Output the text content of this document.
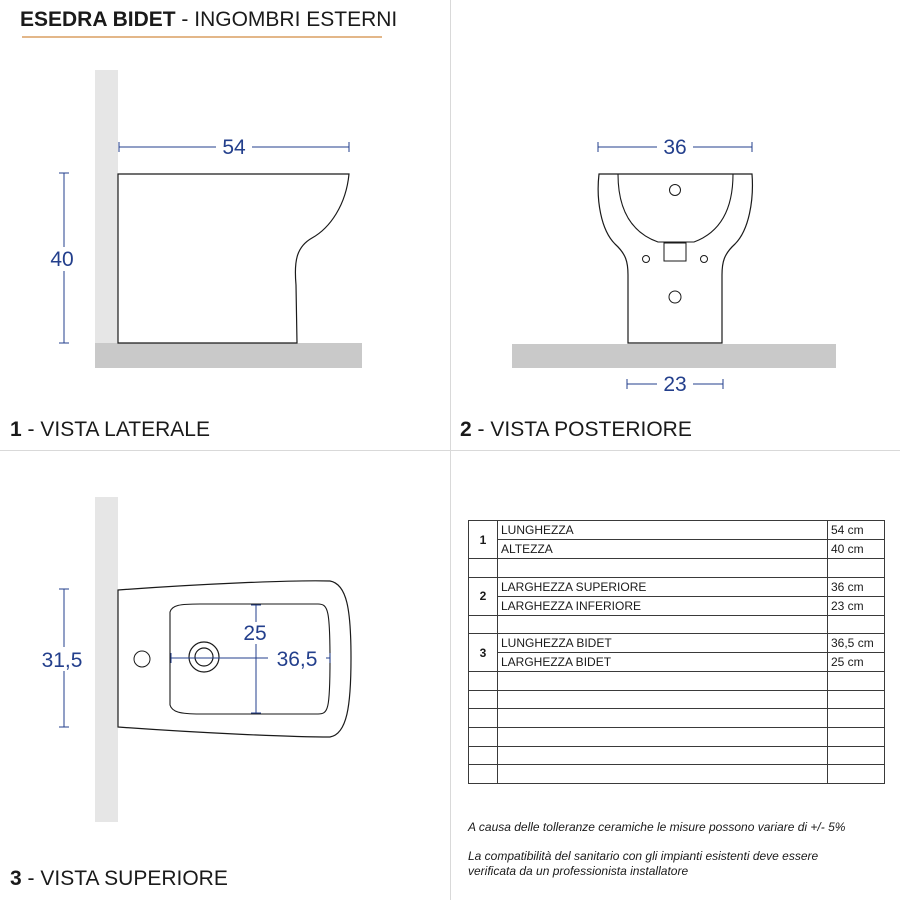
ESEDRA BIDET - INGOMBRI ESTERNI
54
40
36
23
31,5
25
36,5
1 - VISTA LATERALE	2 - VISTA POSTERIORE
3 - VISTA SUPERIORE
1	LUNGHEZZA	54 cm
	ALTEZZA	40 cm

2	LARGHEZZA SUPERIORE	36 cm
	LARGHEZZA INFERIORE	23 cm

3	LUNGHEZZA BIDET	36,5 cm
	LARGHEZZA BIDET	25 cm

A causa delle tolleranze ceramiche le misure possono variare di +/- 5%
La compatibilità del sanitario con gli impianti esistenti deve essere verificata da un professionista installatore
